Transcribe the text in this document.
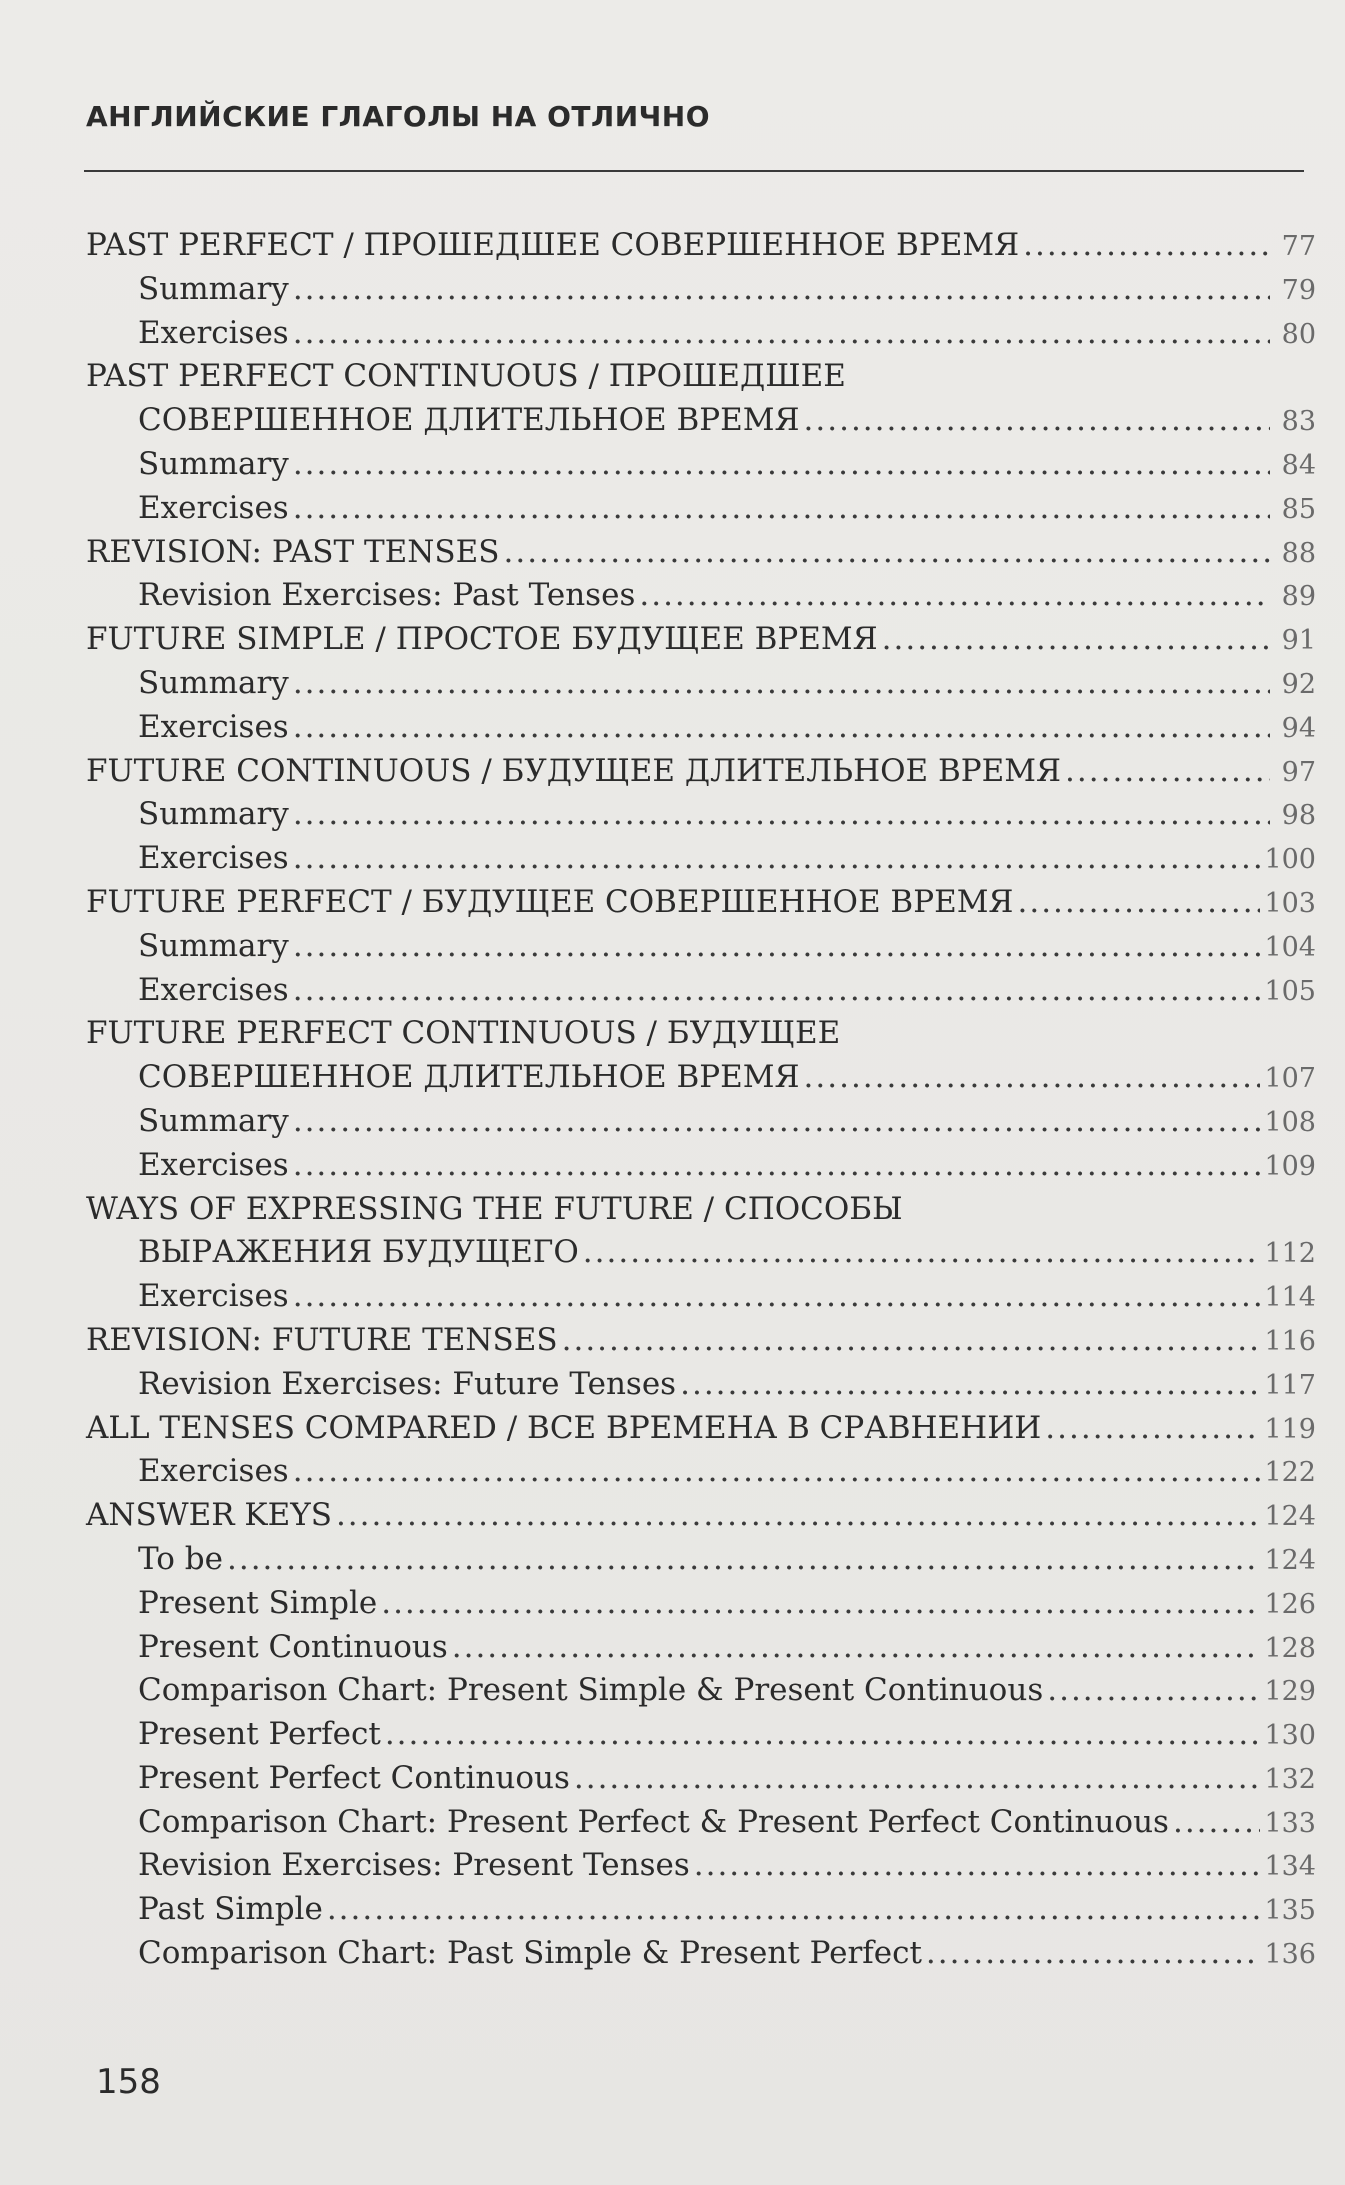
АНГЛИЙСКИЕ ГЛАГОЛЫ НА ОТЛИЧНО
PAST PERFECT / ПРОШЕДШЕЕ СОВЕРШЕННОЕ ВРЕМЯ .....	77
Summary .....	79
Exercises .....	80
PAST PERFECT CONTINUOUS / ПРОШЕДШЕЕ
СОВЕРШЕННОЕ ДЛИТЕЛЬНОЕ ВРЕМЯ .....	83
Summary .....	84
Exercises .....	85
REVISION: PAST TENSES .....	88
Revision Exercises: Past Tenses .....	89
FUTURE SIMPLE / ПРОСТОЕ БУДУЩЕЕ ВРЕМЯ .....	91
Summary .....	92
Exercises .....	94
FUTURE CONTINUOUS / БУДУЩЕЕ ДЛИТЕЛЬНОЕ ВРЕМЯ .....	97
Summary .....	98
Exercises .....	100
FUTURE PERFECT / БУДУЩЕЕ СОВЕРШЕННОЕ ВРЕМЯ .....	103
Summary .....	104
Exercises .....	105
FUTURE PERFECT CONTINUOUS / БУДУЩЕЕ
СОВЕРШЕННОЕ ДЛИТЕЛЬНОЕ ВРЕМЯ .....	107
Summary .....	108
Exercises .....	109
WAYS OF EXPRESSING THE FUTURE / СПОСОБЫ
ВЫРАЖЕНИЯ БУДУЩЕГО .....	112
Exercises .....	114
REVISION: FUTURE TENSES .....	116
Revision Exercises: Future Tenses .....	117
ALL TENSES COMPARED / ВСЕ ВРЕМЕНА В СРАВНЕНИИ .....	119
Exercises .....	122
ANSWER KEYS .....	124
To be .....	124
Present Simple .....	126
Present Continuous .....	128
Comparison Chart: Present Simple & Present Continuous .....	129
Present Perfect .....	130
Present Perfect Continuous .....	132
Comparison Chart: Present Perfect & Present Perfect Continuous .....	133
Revision Exercises: Present Tenses .....	134
Past Simple .....	135
Comparison Chart: Past Simple & Present Perfect .....	136
158
